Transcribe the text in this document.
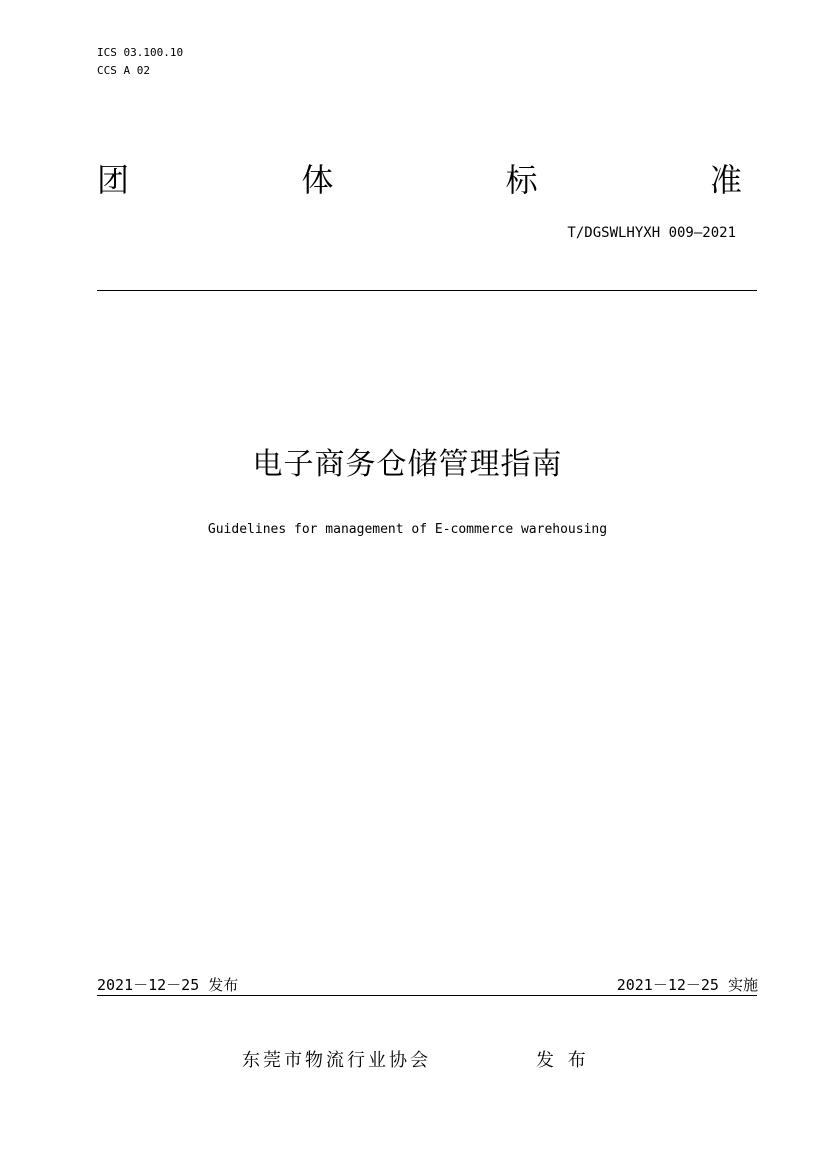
ICS 03.100.10
CCS A 02
团	体	标	准
T/DGSWLHYXH 009—2021
电子商务仓储管理指南
Guidelines for management of E-commerce warehousing
2021－12－25 发布	2021－12－25 实施
东莞市物流行业协会	发 布
